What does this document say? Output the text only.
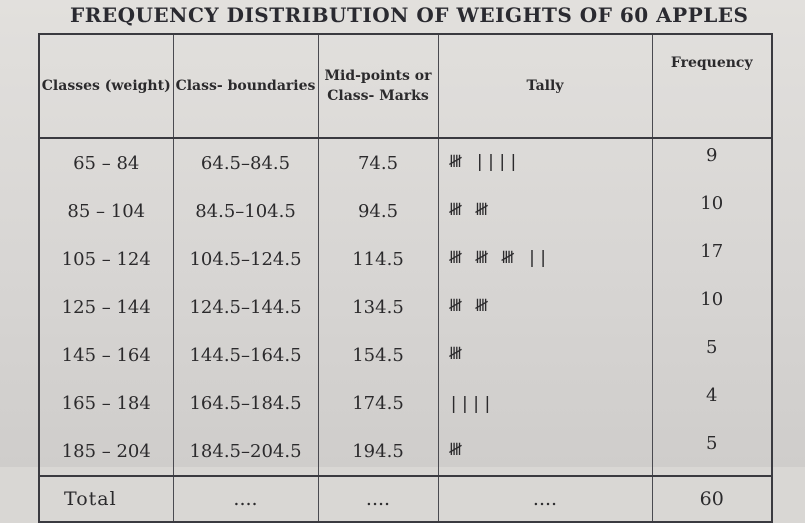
FREQUENCY DISTRIBUTION OF WEIGHTS OF 60 APPLES
Classes (weight)	Class- boundaries	Mid-points or Class- Marks	Tally	Frequency
65 – 84	64.5–84.5	74.5	𝍸 ||||	9
85 – 104	84.5–104.5	94.5	𝍸 𝍸	10
105 – 124	104.5–124.5	114.5	𝍸 𝍸 𝍸 ||	17
125 – 144	124.5–144.5	134.5	𝍸 𝍸	10
145 – 164	144.5–164.5	154.5	𝍸	5
165 – 184	164.5–184.5	174.5	||||	4
185 – 204	184.5–204.5	194.5	𝍸	5
Total	....	....	....	60
